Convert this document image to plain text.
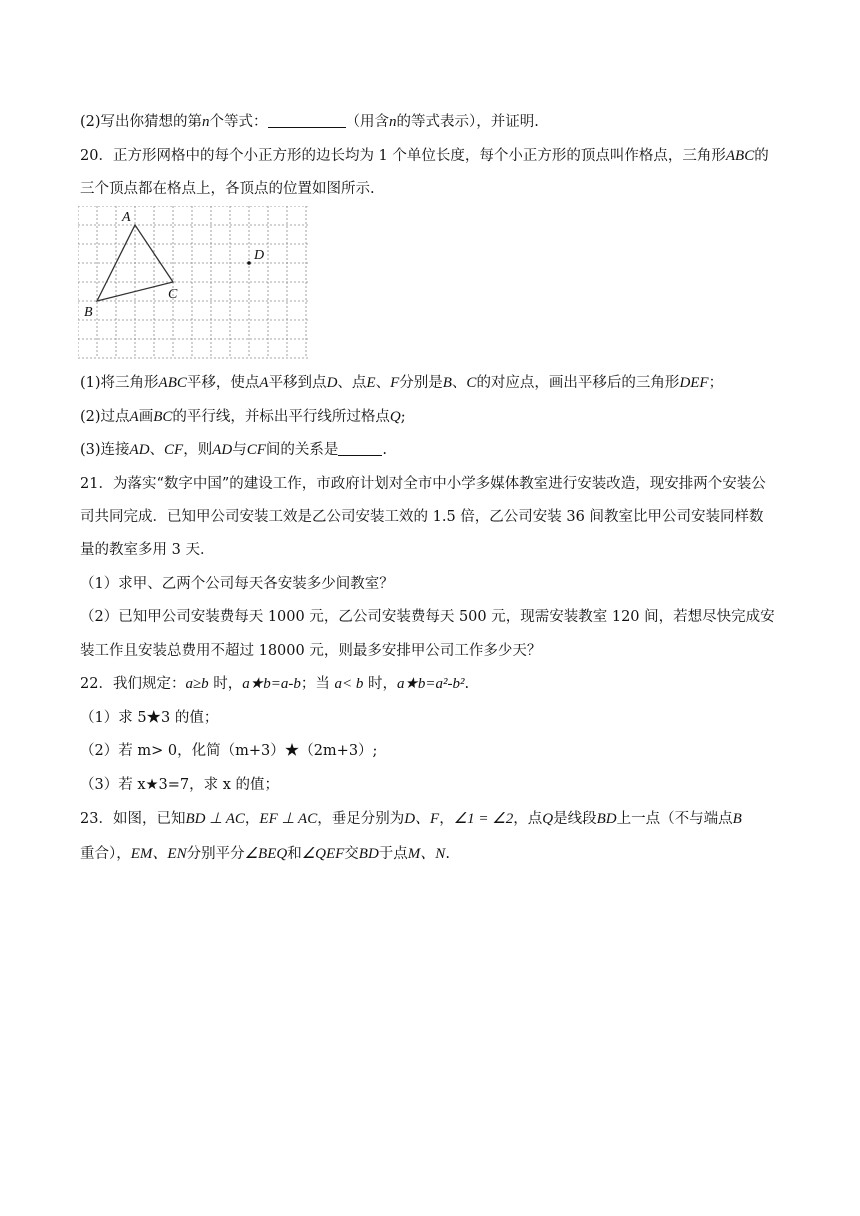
(2)写出你猜想的第n个等式：	（用含n的等式表示），并证明.
20．正方形网格中的每个小正方形的边长均为 1 个单位长度，每个小正方形的顶点叫作格点，三角形ABC的
三个顶点都在格点上，各顶点的位置如图所示.
A
B
C
D
(1)将三角形ABC平移，使点A平移到点D、点E、F分别是B、C的对应点，画出平移后的三角形DEF；
(2)过点A画BC的平行线，并标出平行线所过格点Q;
(3)连接AD、CF，则AD与CF间的关系是	.
21．为落实“数字中国”的建设工作，市政府计划对全市中小学多媒体教室进行安装改造，现安排两个安装公
司共同完成．已知甲公司安装工效是乙公司安装工效的 1.5 倍，乙公司安装 36 间教室比甲公司安装同样数
量的教室多用 3 天．
（1）求甲、乙两个公司每天各安装多少间教室？
（2）已知甲公司安装费每天 1000 元，乙公司安装费每天 500 元，现需安装教室 120 间，若想尽快完成安
装工作且安装总费用不超过 18000 元，则最多安排甲公司工作多少天？
22．我们规定：a≥b 时，a★b=a-b；当 a< b 时，a★b=a²-b².
（1）求 5★3 的值；
（2）若 m> 0，化简（m+3）★（2m+3）;
（3）若 x★3=7，求 x 的值；
23．如图，已知BD ⊥ AC，EF ⊥ AC，垂足分别为D、F，∠1 = ∠2，点Q是线段BD上一点（不与端点B
重合），EM、EN分别平分∠BEQ和∠QEF交BD于点M、N.
